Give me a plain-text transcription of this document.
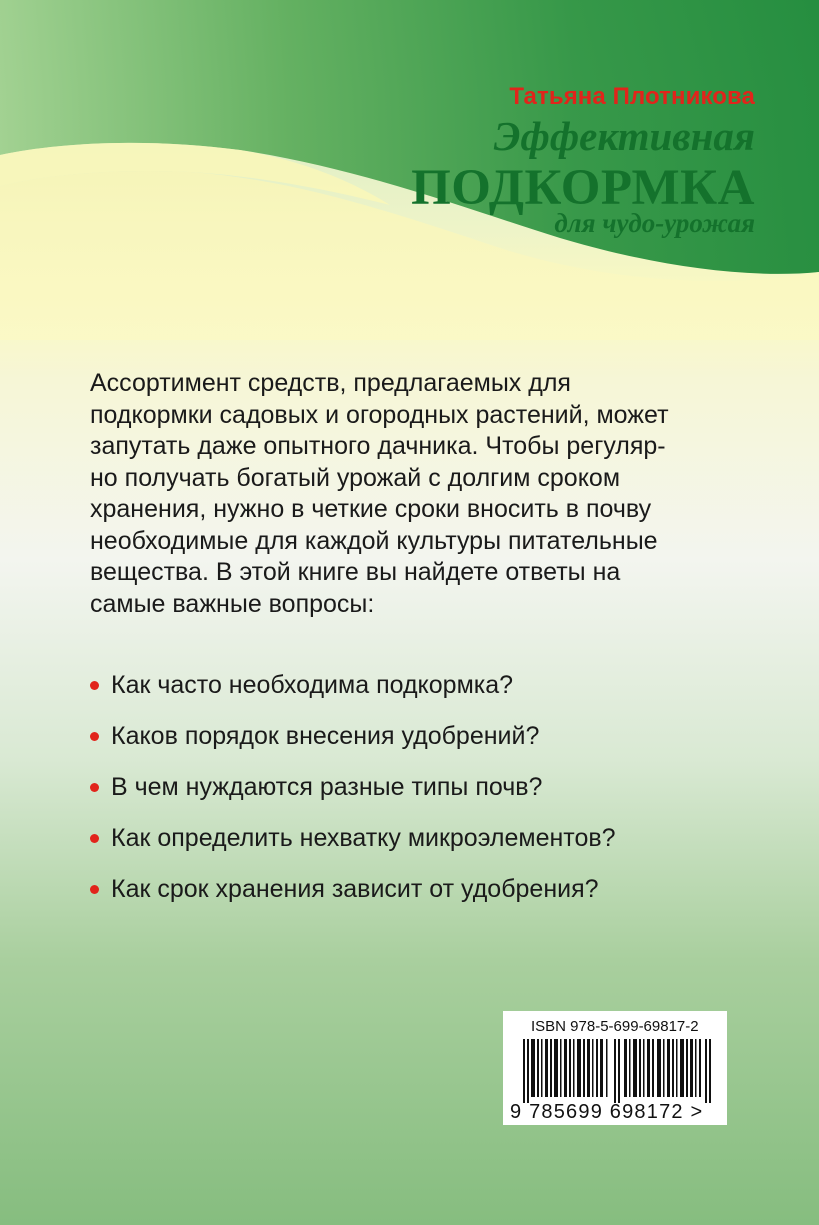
Татьяна Плотникова

Эффективная

ПОДКОРМКА

для чудо-урожая

Ассортимент средств, предлагаемых для
подкормки садовых и огородных растений, может
запутать даже опытного дачника. Чтобы регуляр-
но получать богатый урожай с долгим сроком
хранения, нужно в четкие сроки вносить в почву
необходимые для каждой культуры питательные
вещества. В этой книге вы найдете ответы на
самые важные вопросы:

Как часто необходима подкормка?
Каков порядок внесения удобрений?
В чем нуждаются разные типы почв?
Как определить нехватку микроэлементов?
Как срок хранения зависит от удобрения?

ISBN 978-5-699-69817-2

9 785699 698172 >
